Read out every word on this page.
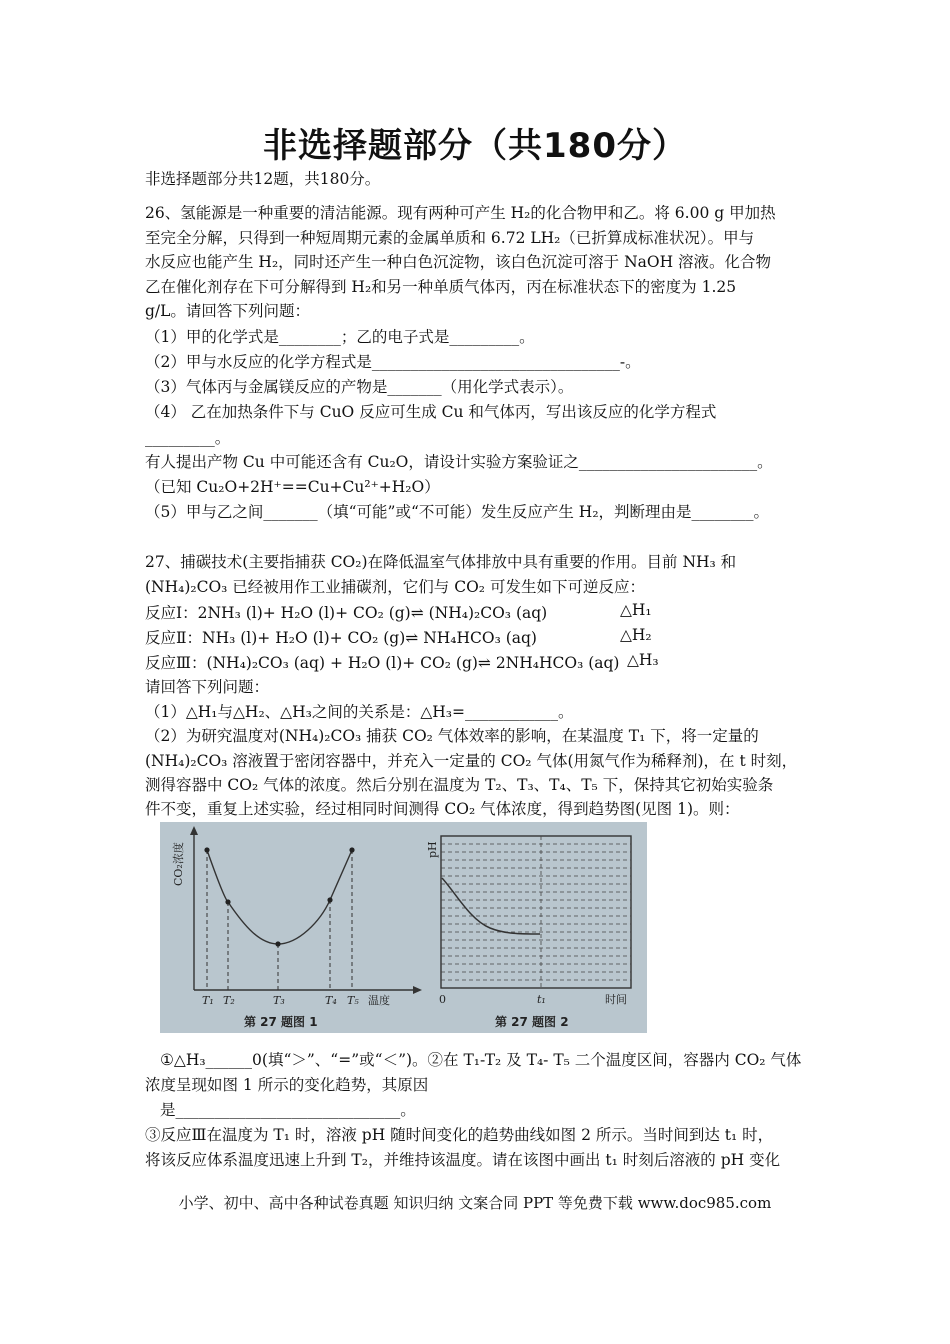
非选择题部分（共180分）
非选择题部分共12题，共180分。
26、氢能源是一种重要的清洁能源。现有两种可产生 H₂的化合物甲和乙。将 6.00 g 甲加热
至完全分解，只得到一种短周期元素的金属单质和 6.72 LH₂（已折算成标准状况）。甲与
水反应也能产生 H₂，同时还产生一种白色沉淀物，该白色沉淀可溶于 NaOH 溶液。化合物
乙在催化剂存在下可分解得到 H₂和另一种单质气体丙，丙在标准状态下的密度为 1.25
g/L。请回答下列问题：
（1）甲的化学式是________；乙的电子式是_________。
（2）甲与水反应的化学方程式是________________________________-。
（3）气体丙与金属镁反应的产物是_______（用化学式表示）。
（4） 乙在加热条件下与 CuO 反应可生成 Cu 和气体丙，写出该反应的化学方程式
_________。
有人提出产物 Cu 中可能还含有 Cu₂O，请设计实验方案验证之_______________________。
（已知 Cu₂O+2H⁺==Cu+Cu²⁺+H₂O）
（5）甲与乙之间_______（填“可能”或“不可能）发生反应产生 H₂，判断理由是________。
27、捕碳技术(主要指捕获 CO₂)在降低温室气体排放中具有重要的作用。目前 NH₃ 和
(NH₄)₂CO₃ 已经被用作工业捕碳剂，它们与 CO₂ 可发生如下可逆反应：
反应Ⅰ：2NH₃ (l)+ H₂O (l)+ CO₂ (g)⇌ (NH₄)₂CO₃ (aq)	△H₁
反应Ⅱ：NH₃ (l)+ H₂O (l)+ CO₂ (g)⇌ NH₄HCO₃ (aq)	△H₂
反应Ⅲ：(NH₄)₂CO₃ (aq) + H₂O (l)+ CO₂ (g)⇌ 2NH₄HCO₃ (aq) △H₃
请回答下列问题：
（1）△H₁与△H₂、△H₃之间的关系是：△H₃=____________。
（2）为研究温度对(NH₄)₂CO₃ 捕获 CO₂ 气体效率的影响，在某温度 T₁ 下，将一定量的
(NH₄)₂CO₃ 溶液置于密闭容器中，并充入一定量的 CO₂ 气体(用氮气作为稀释剂)，在 t 时刻，
测得容器中 CO₂ 气体的浓度。然后分别在温度为 T₂、T₃、T₄、T₅ 下，保持其它初始实验条
件不变，重复上述实验，经过相同时间测得 CO₂ 气体浓度，得到趋势图(见图 1)。则：
CO₂浓度
T₁ T₂	T₃	T₄ T₅ 温度
第 27 题图 1
pH
0	t₁	时间
第 27 题图 2
①△H₃______0(填“＞”、“=”或“＜”)。②在 T₁-T₂ 及 T₄- T₅ 二个温度区间，容器内 CO₂ 气体
浓度呈现如图 1 所示的变化趋势，其原因
是_____________________________。
③反应Ⅲ在温度为 T₁ 时，溶液 pH 随时间变化的趋势曲线如图 2 所示。当时间到达 t₁ 时，
将该反应体系温度迅速上升到 T₂，并维持该温度。请在该图中画出 t₁ 时刻后溶液的 pH 变化
小学、初中、高中各种试卷真题 知识归纳 文案合同 PPT 等免费下载 www.doc985.com
